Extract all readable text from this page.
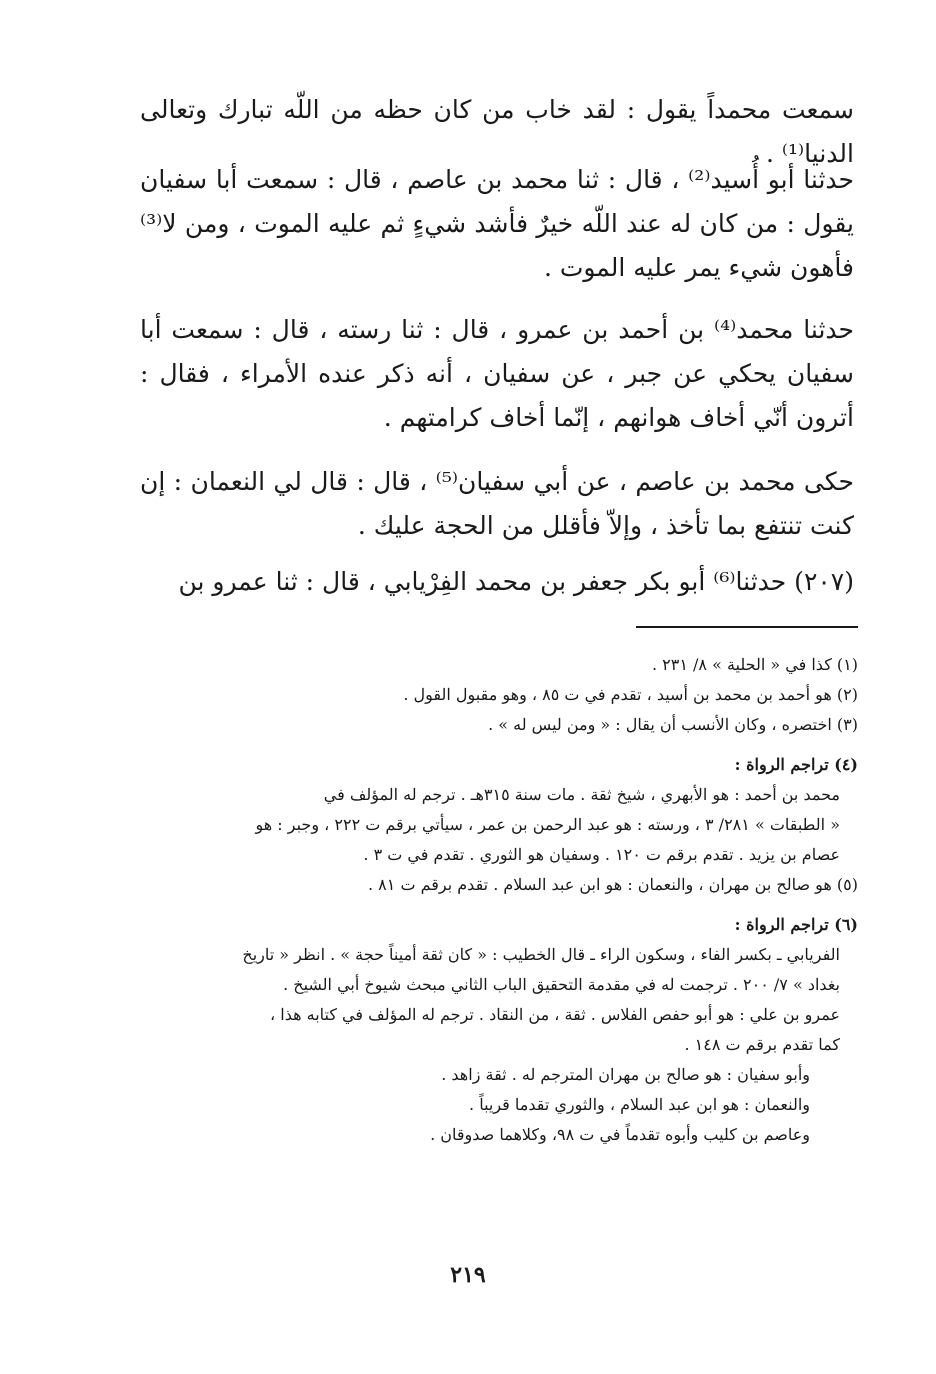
سمعت محمداً يقول : لقد خاب من كان حظه من اللّه تبارك وتعالى الدنيا⁽¹⁾ .

حدثنا أبو أُسيد⁽²⁾ ، قال : ثنا محمد بن عاصم ، قال : سمعت أبا سفيان يقول : من كان له عند اللّه خيرٌ فأشد شيءٍ ثم عليه الموت ، ومن لا⁽³⁾ فأهون شيء يمر عليه الموت .

حدثنا محمد⁽⁴⁾ بن أحمد بن عمرو ، قال : ثنا رسته ، قال : سمعت أبا سفيان يحكي عن جبر ، عن سفيان ، أنه ذكر عنده الأمراء ، فقال : أترون أنّي أخاف هوانهم ، إنّما أخاف كرامتهم .

حكى محمد بن عاصم ، عن أبي سفيان⁽⁵⁾ ، قال : قال لي النعمان : إن كنت تنتفع بما تأخذ ، وإلاّ فأقلل من الحجة عليك .

(٢٠٧) حدثنا⁽⁶⁾ أبو بكر جعفر بن محمد الفِرْيابي ، قال : ثنا عمرو بن

(١) كذا في « الحلية » ٨/ ٢٣١ .

(٢) هو أحمد بن محمد بن أسيد ، تقدم في ت ٨٥ ، وهو مقبول القول .

(٣) اختصره ، وكان الأنسب أن يقال : « ومن ليس له » .

(٤) تراجم الرواة :

محمد بن أحمد : هو الأبهري ، شيخ ثقة . مات سنة ٣١٥هـ . ترجم له المؤلف في

« الطبقات » ٢٨١/ ٣ ، ورسته : هو عبد الرحمن بن عمر ، سيأتي برقم ت ٢٢٢ ، وجبر : هو

عصام بن يزيد . تقدم برقم ت ١٢٠ . وسفيان هو الثوري . تقدم في ت ٣ .

(٥) هو صالح بن مهران ، والنعمان : هو ابن عبد السلام . تقدم برقم ت ٨١ .

(٦) تراجم الرواة :

الفريابي ـ بكسر الفاء ، وسكون الراء ـ قال الخطيب : « كان ثقة أميناً حجة » . انظر « تاريخ

بغداد » ٧/ ٢٠٠ . ترجمت له في مقدمة التحقيق الباب الثاني مبحث شيوخ أبي الشيخ .

عمرو بن علي : هو أبو حفص الفلاس . ثقة ، من النقاد . ترجم له المؤلف في كتابه هذا ،

كما تقدم برقم ت ١٤٨ .

وأبو سفيان : هو صالح بن مهران المترجم له . ثقة زاهد .

والنعمان : هو ابن عبد السلام ، والثوري تقدما قريباً .

وعاصم بن كليب وأبوه تقدماً في ت ٩٨، وكلاهما صدوقان .

٢١٩
